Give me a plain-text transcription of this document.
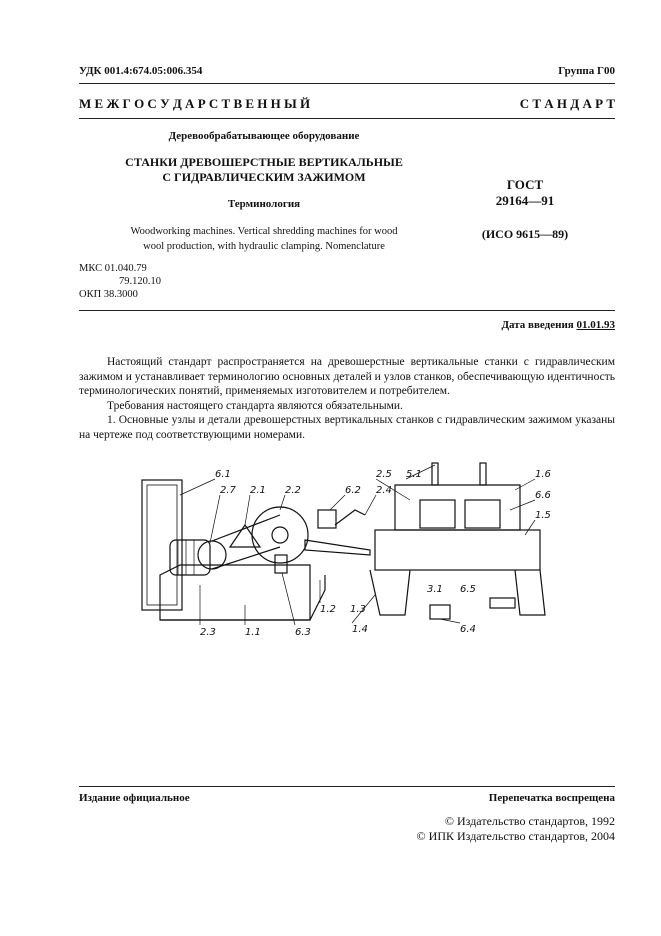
УДК 001.4:674.05:006.354	Группа Г00
М Е Ж Г О С У Д А Р С Т В Е Н Н Ы Й	С Т А Н Д А Р Т
Деревообрабатывающее оборудование
СТАНКИ ДРЕВОШЕРСТНЫЕ ВЕРТИКАЛЬНЫЕ
С ГИДРАВЛИЧЕСКИМ ЗАЖИМОМ
Терминология
Woodworking machines. Vertical shredding machines for wood
wool production, with hydraulic clamping. Nomenclature
ГОСТ
29164—91
(ИСО 9615—89)
МКС 01.040.79
79.120.10
ОКП 38.3000
Дата введения 01.01.93

Настоящий стандарт распространяется на древошерстные вертикальные станки с гидравлическим зажимом и устанавливает терминологию основных деталей и узлов станков, обеспечивающую идентичность терминологических понятий, применяемых изготовителем и потребителем.

Требования настоящего стандарта являются обязательными.

1. Основные узлы и детали древошерстных вертикальных станков с гидравлическим зажимом указаны на чертеже под соответствующими номерами.

6.1
2.7 2.1 2.2	6.2
2.5
2.4
5.1	1.6
6.6
1.5
3.1 6.5
1.2 1.3
1.4	6.4
2.3	1.1	6.3
Издание официальное	Перепечатка воспрещена
© Издательство стандартов, 1992
© ИПК Издательство стандартов, 2004
